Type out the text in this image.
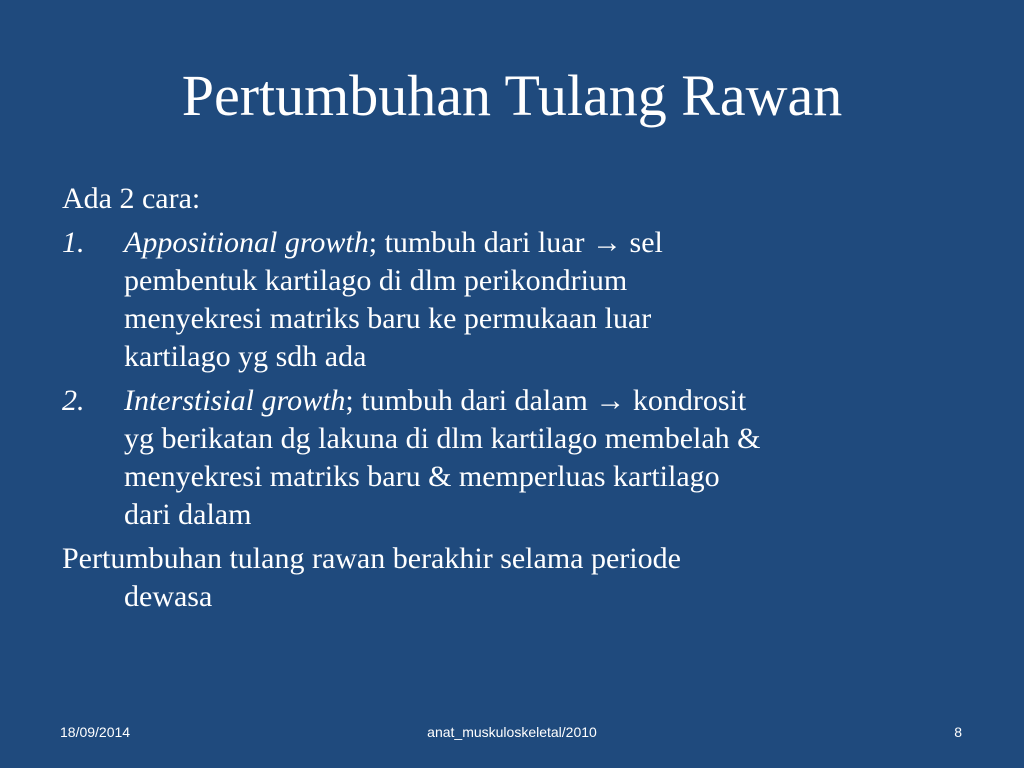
Pertumbuhan Tulang Rawan

Ada 2 cara:

1. Appositional growth; tumbuh dari luar → sel
pembentuk kartilago di dlm perikondrium
menyekresi matriks baru ke permukaan luar
kartilago yg sdh ada
2. Interstisial growth; tumbuh dari dalam → kondrosit
yg berikatan dg lakuna di dlm kartilago membelah &
menyekresi matriks baru & memperluas kartilago
dari dalam
Pertumbuhan tulang rawan berakhir selama periode
dewasa
18/09/2014	anat_muskuloskeletal/2010	8
